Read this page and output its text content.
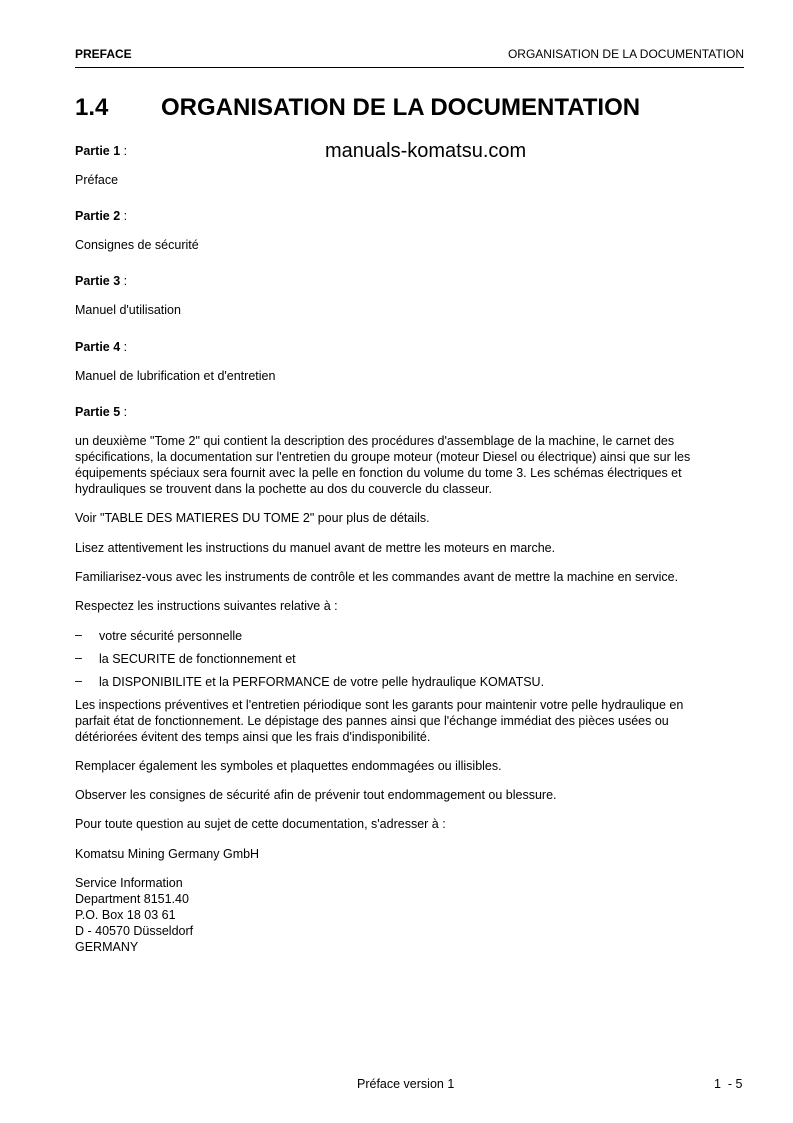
PREFACE	ORGANISATION DE LA DOCUMENTATION
1.4 ORGANISATION DE LA DOCUMENTATION
manuals-komatsu.com
Partie 1 :
Préface
Partie 2 :
Consignes de sécurité
Partie 3 :
Manuel d'utilisation
Partie 4 :
Manuel de lubrification et d'entretien
Partie 5 :
un deuxième "Tome 2" qui contient la description des procédures d'assemblage de la machine, le carnet des
spécifications, la documentation sur l'entretien du groupe moteur (moteur Diesel ou électrique) ainsi que sur les
équipements spéciaux sera fournit avec la pelle en fonction du volume du tome 3. Les schémas électriques et
hydrauliques se trouvent dans la pochette au dos du couvercle du classeur.
Voir "TABLE DES MATIERES DU TOME 2" pour plus de détails.
Lisez attentivement les instructions du manuel avant de mettre les moteurs en marche.
Familiarisez-vous avec les instruments de contrôle et les commandes avant de mettre la machine en service.
Respectez les instructions suivantes relative à :
– votre sécurité personnelle
– la SECURITE de fonctionnement et
– la DISPONIBILITE et la PERFORMANCE de votre pelle hydraulique KOMATSU.
Les inspections préventives et l'entretien périodique sont les garants pour maintenir votre pelle hydraulique en
parfait état de fonctionnement. Le dépistage des pannes ainsi que l'échange immédiat des pièces usées ou
détériorées évitent des temps ainsi que les frais d'indisponibilité.
Remplacer également les symboles et plaquettes endommagées ou illisibles.
Observer les consignes de sécurité afin de prévenir tout endommagement ou blessure.
Pour toute question au sujet de cette documentation, s'adresser à :
Komatsu Mining Germany GmbH
Service Information
Department 8151.40
P.O. Box 18 03 61
D - 40570 Düsseldorf
GERMANY
Préface version 1	1  - 5
